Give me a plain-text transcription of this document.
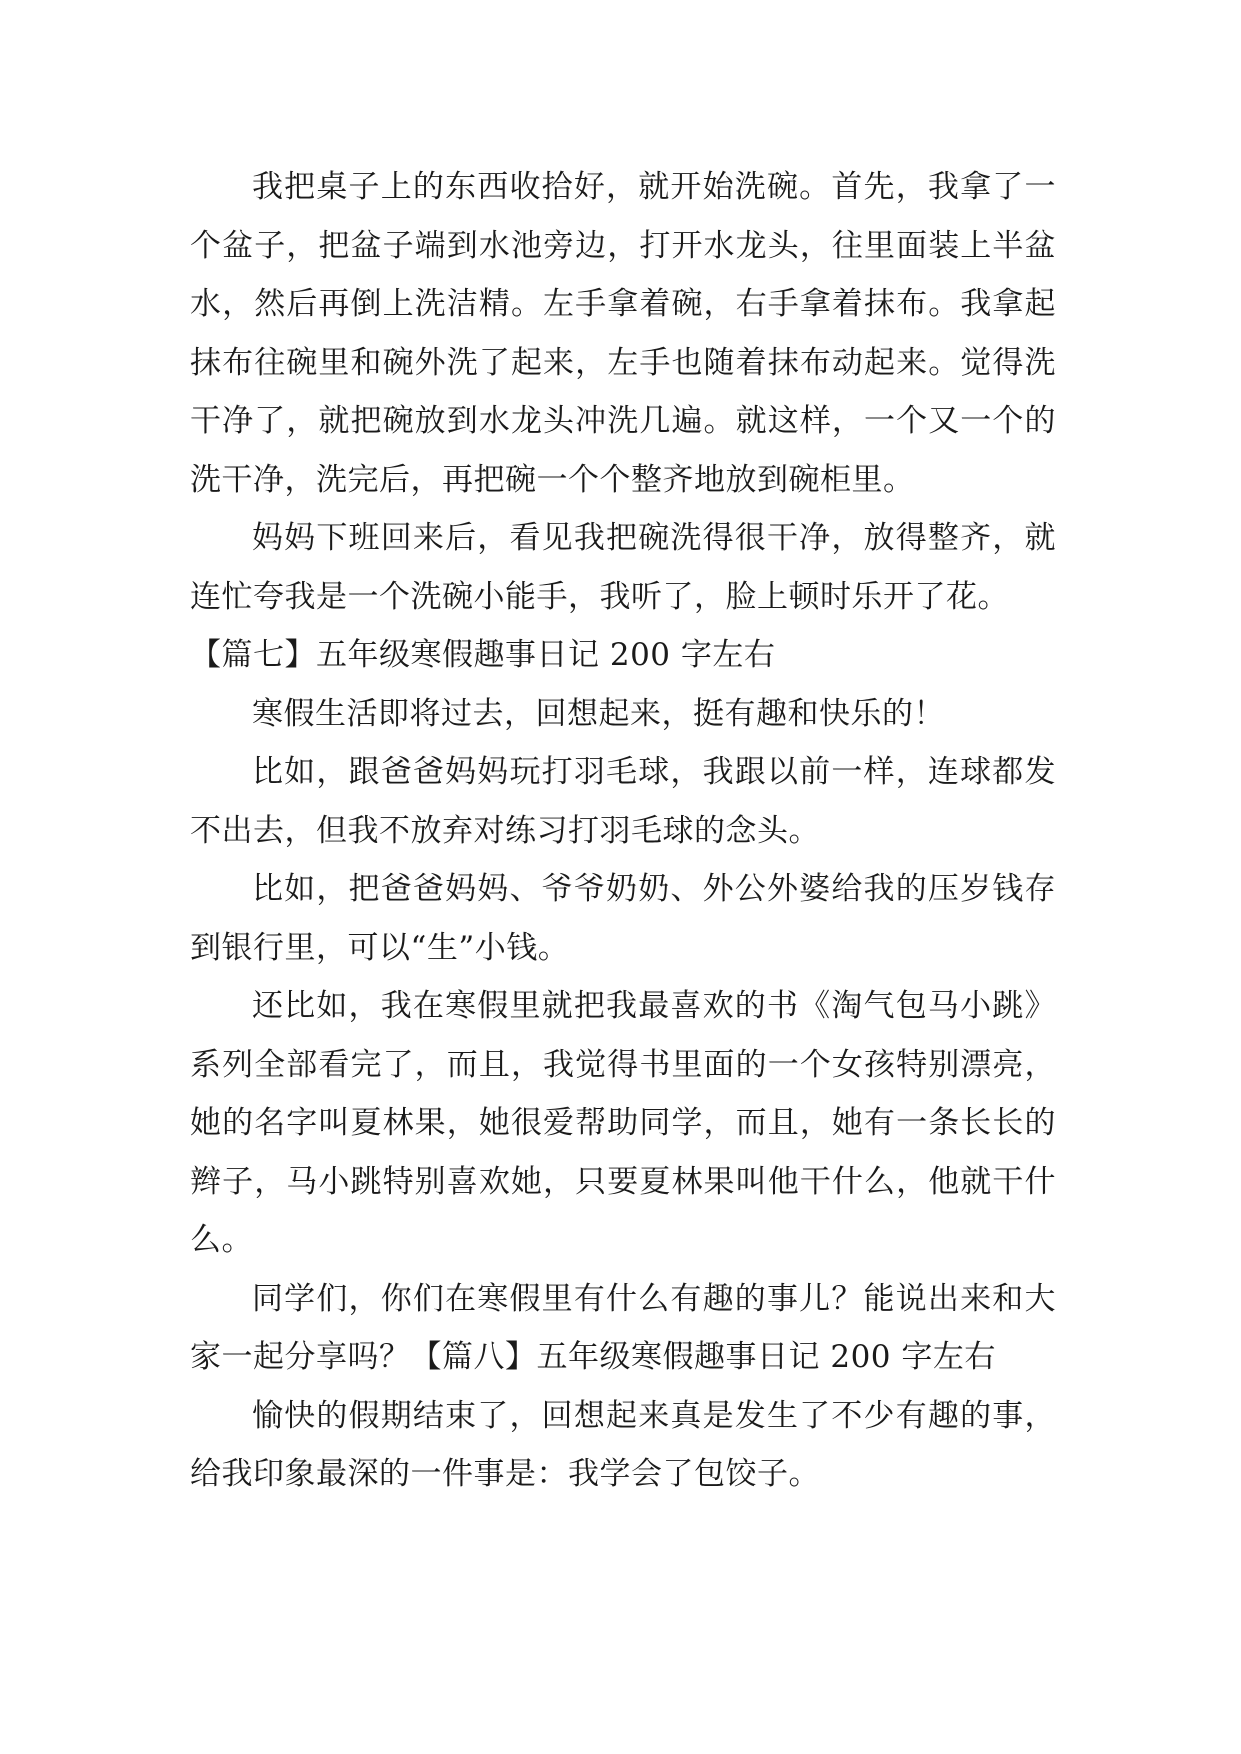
我把桌子上的东西收拾好，就开始洗碗。首先，我拿了一个盆子，把盆子端到水池旁边，打开水龙头，往里面装上半盆水，然后再倒上洗洁精。左手拿着碗，右手拿着抹布。我拿起抹布往碗里和碗外洗了起来，左手也随着抹布动起来。觉得洗干净了，就把碗放到水龙头冲洗几遍。就这样，一个又一个的洗干净，洗完后，再把碗一个个整齐地放到碗柜里。

妈妈下班回来后，看见我把碗洗得很干净，放得整齐，就连忙夸我是一个洗碗小能手，我听了，脸上顿时乐开了花。

【篇七】五年级寒假趣事日记 200 字左右

寒假生活即将过去，回想起来，挺有趣和快乐的！

比如，跟爸爸妈妈玩打羽毛球，我跟以前一样，连球都发不出去，但我不放弃对练习打羽毛球的念头。

比如，把爸爸妈妈、爷爷奶奶、外公外婆给我的压岁钱存到银行里，可以“生”小钱。

还比如，我在寒假里就把我最喜欢的书《淘气包马小跳》系列全部看完了，而且，我觉得书里面的一个女孩特别漂亮，她的名字叫夏林果，她很爱帮助同学，而且，她有一条长长的辫子，马小跳特别喜欢她，只要夏林果叫他干什么，他就干什么。

同学们，你们在寒假里有什么有趣的事儿？能说出来和大家一起分享吗？【篇八】五年级寒假趣事日记 200 字左右

愉快的假期结束了，回想起来真是发生了不少有趣的事，给我印象最深的一件事是：我学会了包饺子。
